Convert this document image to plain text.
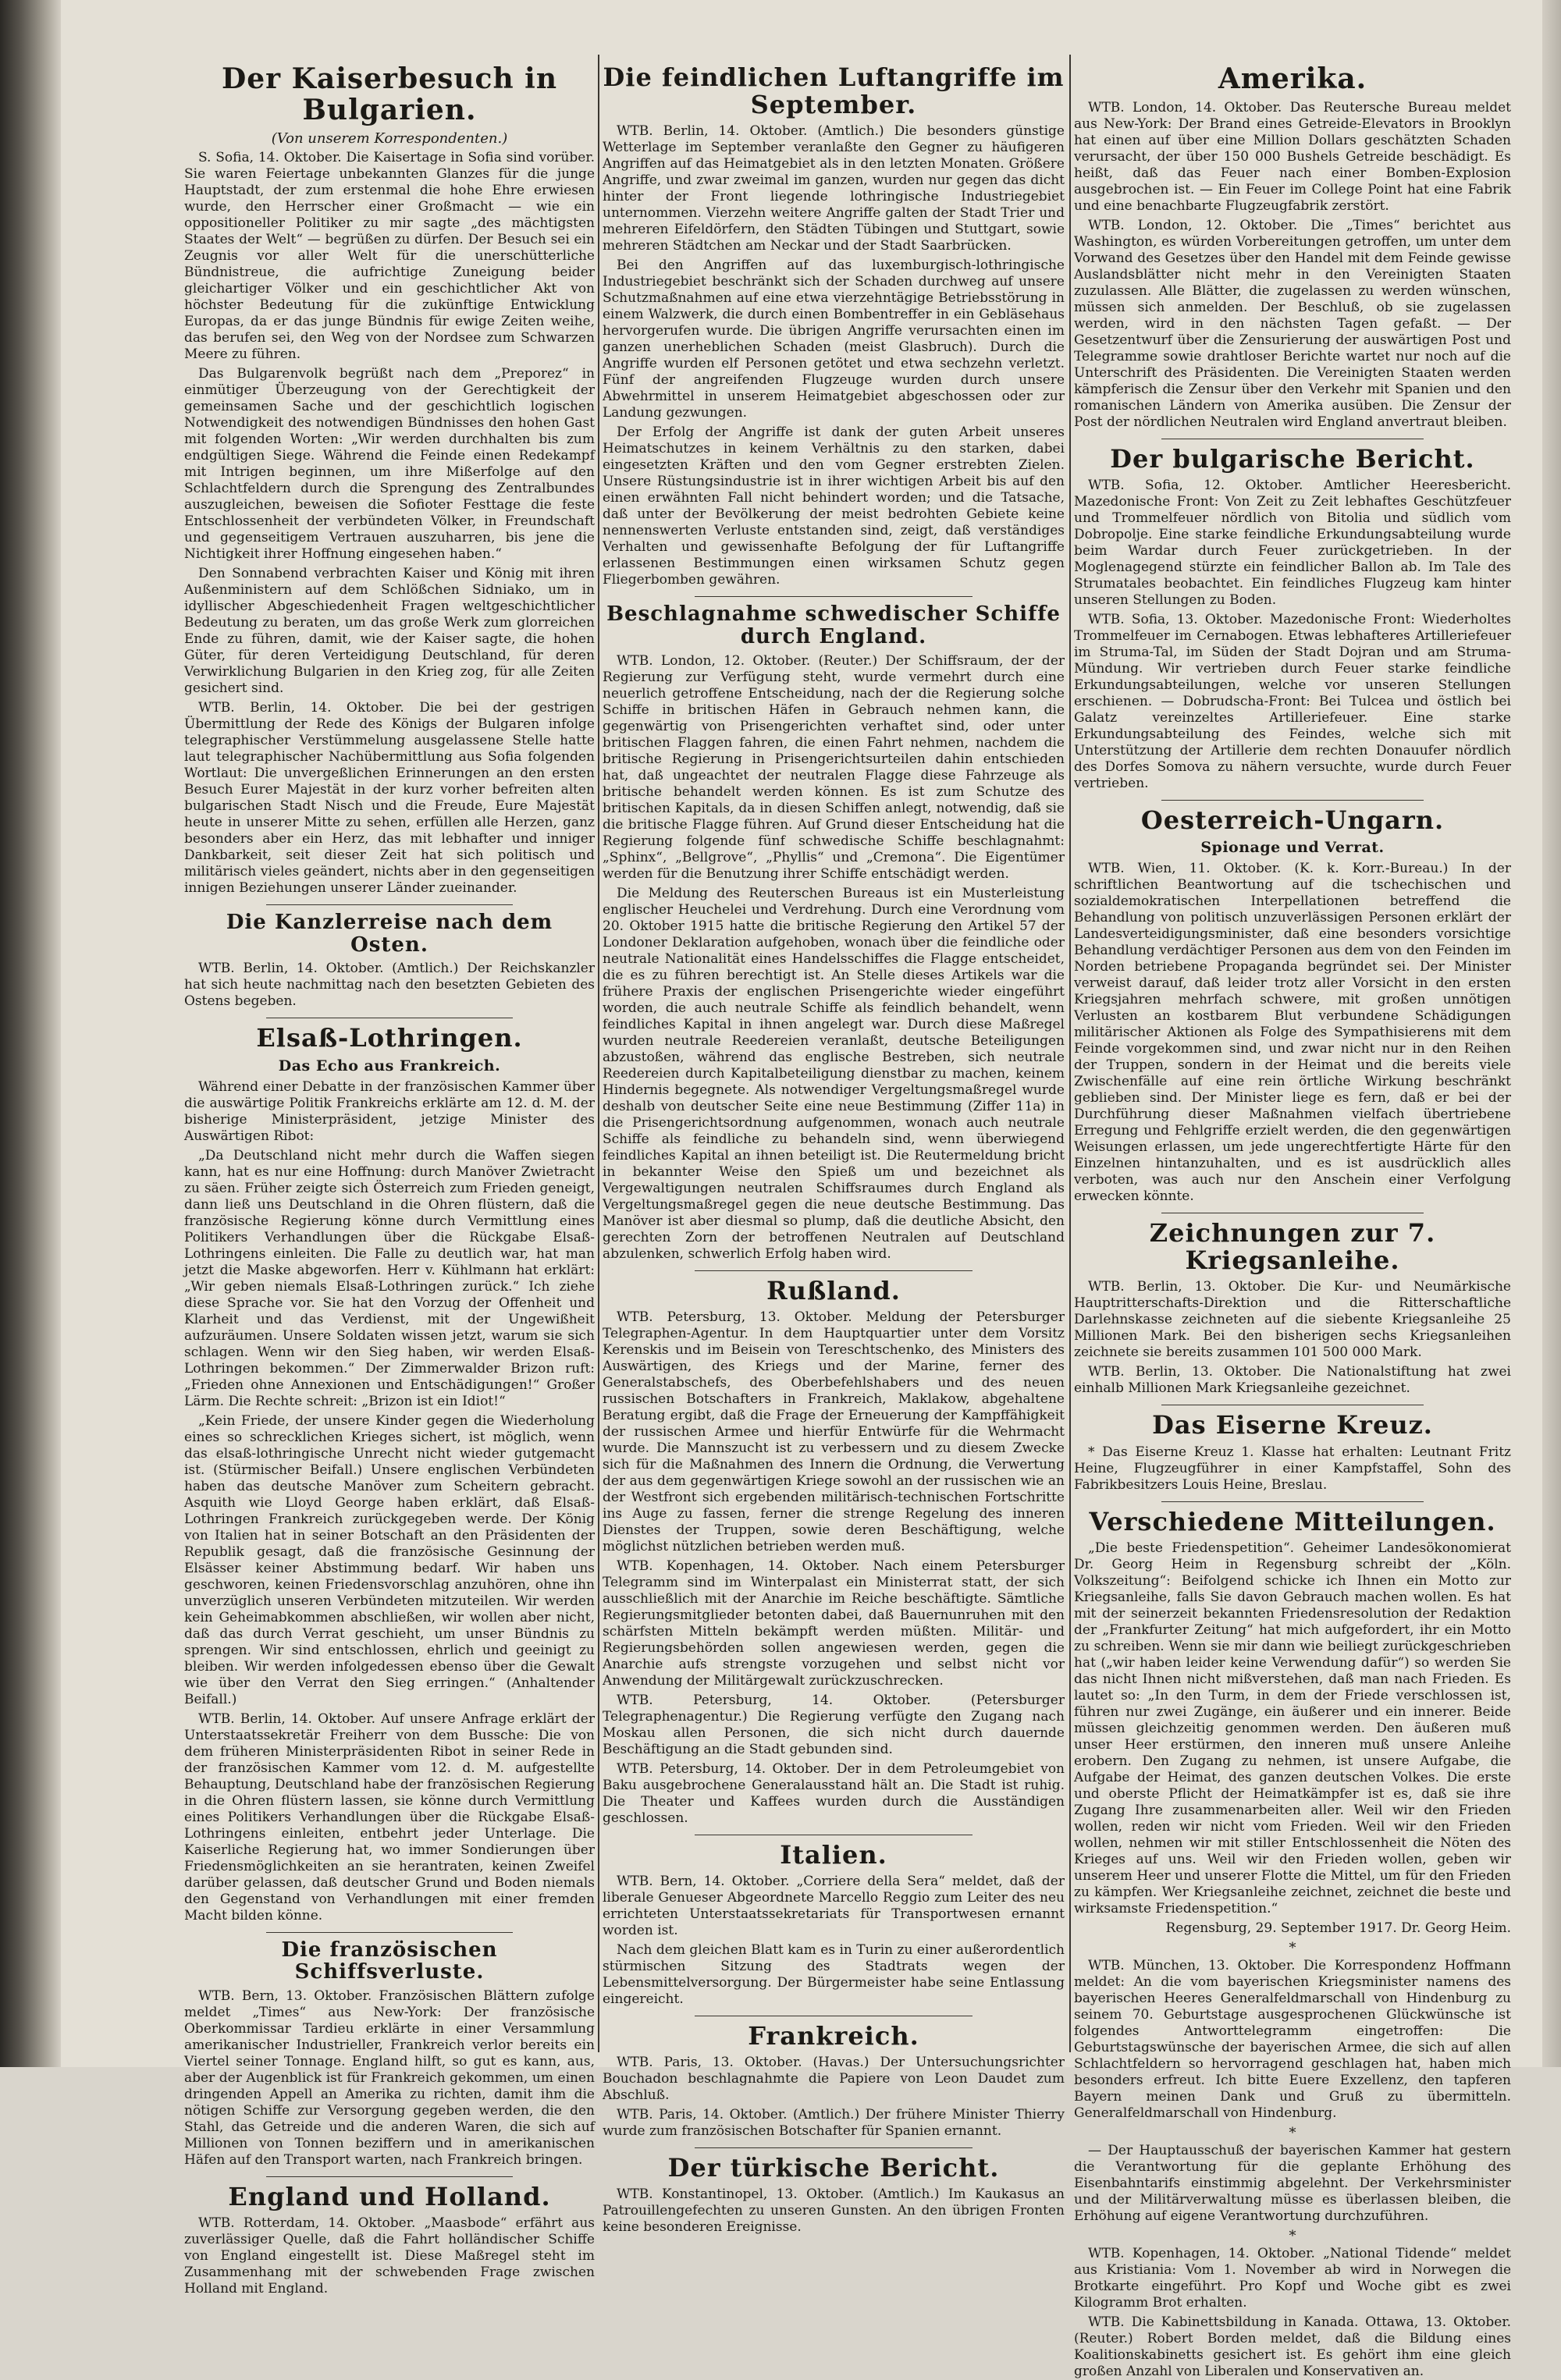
Der Kaiserbesuch in Bulgarien.
(Von unserem Korrespondenten.)

S. Sofia, 14. Oktober. Die Kaisertage in Sofia sind vorüber. Sie waren Feiertage unbekannten Glanzes für die junge Hauptstadt, der zum erstenmal die hohe Ehre erwiesen wurde, den Herrscher einer Großmacht — wie ein oppositioneller Politiker zu mir sagte „des mächtigsten Staates der Welt“ — begrüßen zu dürfen. Der Besuch sei ein Zeugnis vor aller Welt für die unerschütterliche Bündnistreue, die aufrichtige Zuneigung beider gleichartiger Völker und ein geschichtlicher Akt von höchster Bedeutung für die zukünftige Entwicklung Europas, da er das junge Bündnis für ewige Zeiten weihe, das berufen sei, den Weg von der Nordsee zum Schwarzen Meere zu führen.

Das Bulgarenvolk begrüßt nach dem „Preporez“ in einmütiger Überzeugung von der Gerechtigkeit der gemeinsamen Sache und der geschichtlich logischen Notwendigkeit des notwendigen Bündnisses den hohen Gast mit folgenden Worten: „Wir werden durchhalten bis zum endgültigen Siege. Während die Feinde einen Redekampf mit Intrigen beginnen, um ihre Mißerfolge auf den Schlachtfeldern durch die Sprengung des Zentralbundes auszugleichen, beweisen die Sofioter Festtage die feste Entschlossenheit der verbündeten Völker, in Freundschaft und gegenseitigem Vertrauen auszuharren, bis jene die Nichtigkeit ihrer Hoffnung eingesehen haben.“

Den Sonnabend verbrachten Kaiser und König mit ihren Außenministern auf dem Schlößchen Sidniako, um in idyllischer Abgeschiedenheit Fragen weltgeschichtlicher Bedeutung zu beraten, um das große Werk zum glorreichen Ende zu führen, damit, wie der Kaiser sagte, die hohen Güter, für deren Verteidigung Deutschland, für deren Verwirklichung Bulgarien in den Krieg zog, für alle Zeiten gesichert sind.

WTB. Berlin, 14. Oktober. Die bei der gestrigen Übermittlung der Rede des Königs der Bulgaren infolge telegraphischer Verstümmelung ausgelassene Stelle hatte laut telegraphischer Nachübermittlung aus Sofia folgenden Wortlaut: Die unvergeßlichen Erinnerungen an den ersten Besuch Eurer Majestät in der kurz vorher befreiten alten bulgarischen Stadt Nisch und die Freude, Eure Majestät heute in unserer Mitte zu sehen, erfüllen alle Herzen, ganz besonders aber ein Herz, das mit lebhafter und inniger Dankbarkeit, seit dieser Zeit hat sich politisch und militärisch vieles geändert, nichts aber in den gegenseitigen innigen Beziehungen unserer Länder zueinander.

Die Kanzlerreise nach dem Osten.

WTB. Berlin, 14. Oktober. (Amtlich.) Der Reichskanzler hat sich heute nachmittag nach den besetzten Gebieten des Ostens begeben.

Elsaß-Lothringen.
Das Echo aus Frankreich.

Während einer Debatte in der französischen Kammer über die auswärtige Politik Frankreichs erklärte am 12. d. M. der bisherige Ministerpräsident, jetzige Minister des Auswärtigen Ribot:

„Da Deutschland nicht mehr durch die Waffen siegen kann, hat es nur eine Hoffnung: durch Manöver Zwietracht zu säen. Früher zeigte sich Österreich zum Frieden geneigt, dann ließ uns Deutschland in die Ohren flüstern, daß die französische Regierung könne durch Vermittlung eines Politikers Verhandlungen über die Rückgabe Elsaß-Lothringens einleiten. Die Falle zu deutlich war, hat man jetzt die Maske abgeworfen. Herr v. Kühlmann hat erklärt: „Wir geben niemals Elsaß-Lothringen zurück.“ Ich ziehe diese Sprache vor. Sie hat den Vorzug der Offenheit und Klarheit und das Verdienst, mit der Ungewißheit aufzuräumen. Unsere Soldaten wissen jetzt, warum sie sich schlagen. Wenn wir den Sieg haben, wir werden Elsaß-Lothringen bekommen.“ Der Zimmerwalder Brizon ruft: „Frieden ohne Annexionen und Entschädigungen!“ Großer Lärm. Die Rechte schreit: „Brizon ist ein Idiot!“

„Kein Friede, der unsere Kinder gegen die Wiederholung eines so schrecklichen Krieges sichert, ist möglich, wenn das elsaß-lothringische Unrecht nicht wieder gutgemacht ist. (Stürmischer Beifall.) Unsere englischen Verbündeten haben das deutsche Manöver zum Scheitern gebracht. Asquith wie Lloyd George haben erklärt, daß Elsaß-Lothringen Frankreich zurückgegeben werde. Der König von Italien hat in seiner Botschaft an den Präsidenten der Republik gesagt, daß die französische Gesinnung der Elsässer keiner Abstimmung bedarf. Wir haben uns geschworen, keinen Friedensvorschlag anzuhören, ohne ihn unverzüglich unseren Verbündeten mitzuteilen. Wir werden kein Geheimabkommen abschließen, wir wollen aber nicht, daß das durch Verrat geschieht, um unser Bündnis zu sprengen. Wir sind entschlossen, ehrlich und geeinigt zu bleiben. Wir werden infolgedessen ebenso über die Gewalt wie über den Verrat den Sieg erringen.“ (Anhaltender Beifall.)

WTB. Berlin, 14. Oktober. Auf unsere Anfrage erklärt der Unterstaatssekretär Freiherr von dem Bussche: Die von dem früheren Ministerpräsidenten Ribot in seiner Rede in der französischen Kammer vom 12. d. M. aufgestellte Behauptung, Deutschland habe der französischen Regierung in die Ohren flüstern lassen, sie könne durch Vermittlung eines Politikers Verhandlungen über die Rückgabe Elsaß-Lothringens einleiten, entbehrt jeder Unterlage. Die Kaiserliche Regierung hat, wo immer Sondierungen über Friedensmöglichkeiten an sie herantraten, keinen Zweifel darüber gelassen, daß deutscher Grund und Boden niemals den Gegenstand von Verhandlungen mit einer fremden Macht bilden könne.

Die französischen Schiffsverluste.

WTB. Bern, 13. Oktober. Französischen Blättern zufolge meldet „Times“ aus New-York: Der französische Oberkommissar Tardieu erklärte in einer Versammlung amerikanischer Industrieller, Frankreich verlor bereits ein Viertel seiner Tonnage. England hilft, so gut es kann, aus, aber der Augenblick ist für Frankreich gekommen, um einen dringenden Appell an Amerika zu richten, damit ihm die nötigen Schiffe zur Versorgung gegeben werden, die den Stahl, das Getreide und die anderen Waren, die sich auf Millionen von Tonnen beziffern und in amerikanischen Häfen auf den Transport warten, nach Frankreich bringen.

England und Holland.

WTB. Rotterdam, 14. Oktober. „Maasbode“ erfährt aus zuverlässiger Quelle, daß die Fahrt holländischer Schiffe von England eingestellt ist. Diese Maßregel steht im Zusammenhang mit der schwebenden Frage zwischen Holland mit England.

Die feindlichen Luftangriffe im September.

WTB. Berlin, 14. Oktober. (Amtlich.) Die besonders günstige Wetterlage im September veranlaßte den Gegner zu häufigeren Angriffen auf das Heimatgebiet als in den letzten Monaten. Größere Angriffe, und zwar zweimal im ganzen, wurden nur gegen das dicht hinter der Front liegende lothringische Industriegebiet unternommen. Vierzehn weitere Angriffe galten der Stadt Trier und mehreren Eifeldörfern, den Städten Tübingen und Stuttgart, sowie mehreren Städtchen am Neckar und der Stadt Saarbrücken.

Bei den Angriffen auf das luxemburgisch-lothringische Industriegebiet beschränkt sich der Schaden durchweg auf unsere Schutzmaßnahmen auf eine etwa vierzehntägige Betriebsstörung in einem Walzwerk, die durch einen Bombentreffer in ein Gebläsehaus hervorgerufen wurde. Die übrigen Angriffe verursachten einen im ganzen unerheblichen Schaden (meist Glasbruch). Durch die Angriffe wurden elf Personen getötet und etwa sechzehn verletzt. Fünf der angreifenden Flugzeuge wurden durch unsere Abwehrmittel in unserem Heimatgebiet abgeschossen oder zur Landung gezwungen.

Der Erfolg der Angriffe ist dank der guten Arbeit unseres Heimatschutzes in keinem Verhältnis zu den starken, dabei eingesetzten Kräften und den vom Gegner erstrebten Zielen. Unsere Rüstungsindustrie ist in ihrer wichtigen Arbeit bis auf den einen erwähnten Fall nicht behindert worden; und die Tatsache, daß unter der Bevölkerung der meist bedrohten Gebiete keine nennenswerten Verluste entstanden sind, zeigt, daß verständiges Verhalten und gewissenhafte Befolgung der für Luftangriffe erlassenen Bestimmungen einen wirksamen Schutz gegen Fliegerbomben gewähren.

Beschlagnahme schwedischer Schiffe durch England.

WTB. London, 12. Oktober. (Reuter.) Der Schiffsraum, der der Regierung zur Verfügung steht, wurde vermehrt durch eine neuerlich getroffene Entscheidung, nach der die Regierung solche Schiffe in britischen Häfen in Gebrauch nehmen kann, die gegenwärtig von Prisengerichten verhaftet sind, oder unter britischen Flaggen fahren, die einen Fahrt nehmen, nachdem die britische Regierung in Prisengerichtsurteilen dahin entschieden hat, daß ungeachtet der neutralen Flagge diese Fahrzeuge als britische behandelt werden können. Es ist zum Schutze des britischen Kapitals, da in diesen Schiffen anlegt, notwendig, daß sie die britische Flagge führen. Auf Grund dieser Entscheidung hat die Regierung folgende fünf schwedische Schiffe beschlagnahmt: „Sphinx“, „Bellgrove“, „Phyllis“ und „Cremona“. Die Eigentümer werden für die Benutzung ihrer Schiffe entschädigt werden.

Die Meldung des Reuterschen Bureaus ist ein Musterleistung englischer Heuchelei und Verdrehung. Durch eine Verordnung vom 20. Oktober 1915 hatte die britische Regierung den Artikel 57 der Londoner Deklaration aufgehoben, wonach über die feindliche oder neutrale Nationalität eines Handelsschiffes die Flagge entscheidet, die es zu führen berechtigt ist. An Stelle dieses Artikels war die frühere Praxis der englischen Prisengerichte wieder eingeführt worden, die auch neutrale Schiffe als feindlich behandelt, wenn feindliches Kapital in ihnen angelegt war. Durch diese Maßregel wurden neutrale Reedereien veranlaßt, deutsche Beteiligungen abzustoßen, während das englische Bestreben, sich neutrale Reedereien durch Kapitalbeteiligung dienstbar zu machen, keinem Hindernis begegnete. Als notwendiger Vergeltungsmaßregel wurde deshalb von deutscher Seite eine neue Bestimmung (Ziffer 11a) in die Prisengerichtsordnung aufgenommen, wonach auch neutrale Schiffe als feindliche zu behandeln sind, wenn überwiegend feindliches Kapital an ihnen beteiligt ist. Die Reutermeldung bricht in bekannter Weise den Spieß um und bezeichnet als Vergewaltigungen neutralen Schiffsraumes durch England als Vergeltungsmaßregel gegen die neue deutsche Bestimmung. Das Manöver ist aber diesmal so plump, daß die deutliche Absicht, den gerechten Zorn der betroffenen Neutralen auf Deutschland abzulenken, schwerlich Erfolg haben wird.

Rußland.

WTB. Petersburg, 13. Oktober. Meldung der Petersburger Telegraphen-Agentur. In dem Hauptquartier unter dem Vorsitz Kerenskis und im Beisein von Tereschtschenko, des Ministers des Auswärtigen, des Kriegs und der Marine, ferner des Generalstabschefs, des Oberbefehlshabers und des neuen russischen Botschafters in Frankreich, Maklakow, abgehaltene Beratung ergibt, daß die Frage der Erneuerung der Kampffähigkeit der russischen Armee und hierfür Entwürfe für die Wehrmacht wurde. Die Mannszucht ist zu verbessern und zu diesem Zwecke sich für die Maßnahmen des Innern die Ordnung, die Verwertung der aus dem gegenwärtigen Kriege sowohl an der russischen wie an der Westfront sich ergebenden militärisch-technischen Fortschritte ins Auge zu fassen, ferner die strenge Regelung des inneren Dienstes der Truppen, sowie deren Beschäftigung, welche möglichst nützlichen betrieben werden muß.

WTB. Kopenhagen, 14. Oktober. Nach einem Petersburger Telegramm sind im Winterpalast ein Ministerrat statt, der sich ausschließlich mit der Anarchie im Reiche beschäftigte. Sämtliche Regierungsmitglieder betonten dabei, daß Bauernunruhen mit den schärfsten Mitteln bekämpft werden müßten. Militär- und Regierungsbehörden sollen angewiesen werden, gegen die Anarchie aufs strengste vorzugehen und selbst nicht vor Anwendung der Militärgewalt zurückzuschrecken.

WTB. Petersburg, 14. Oktober. (Petersburger Telegraphenagentur.) Die Regierung verfügte den Zugang nach Moskau allen Personen, die sich nicht durch dauernde Beschäftigung an die Stadt gebunden sind.

WTB. Petersburg, 14. Oktober. Der in dem Petroleumgebiet von Baku ausgebrochene Generalausstand hält an. Die Stadt ist ruhig. Die Theater und Kaffees wurden durch die Ausständigen geschlossen.

Italien.

WTB. Bern, 14. Oktober. „Corriere della Sera“ meldet, daß der liberale Genueser Abgeordnete Marcello Reggio zum Leiter des neu errichteten Unterstaatssekretariats für Transportwesen ernannt worden ist.

Nach dem gleichen Blatt kam es in Turin zu einer außerordentlich stürmischen Sitzung des Stadtrats wegen der Lebensmittelversorgung. Der Bürgermeister habe seine Entlassung eingereicht.

Frankreich.

WTB. Paris, 13. Oktober. (Havas.) Der Untersuchungsrichter Bouchadon beschlagnahmte die Papiere von Leon Daudet zum Abschluß.

WTB. Paris, 14. Oktober. (Amtlich.) Der frühere Minister Thierry wurde zum französischen Botschafter für Spanien ernannt.

Der türkische Bericht.

WTB. Konstantinopel, 13. Oktober. (Amtlich.) Im Kaukasus an Patrouillengefechten zu unseren Gunsten. An den übrigen Fronten keine besonderen Ereignisse.

Amerika.

WTB. London, 14. Oktober. Das Reutersche Bureau meldet aus New-York: Der Brand eines Getreide-Elevators in Brooklyn hat einen auf über eine Million Dollars geschätzten Schaden verursacht, der über 150 000 Bushels Getreide beschädigt. Es heißt, daß das Feuer nach einer Bomben-Explosion ausgebrochen ist. — Ein Feuer im College Point hat eine Fabrik und eine benachbarte Flugzeugfabrik zerstört.

WTB. London, 12. Oktober. Die „Times“ berichtet aus Washington, es würden Vorbereitungen getroffen, um unter dem Vorwand des Gesetzes über den Handel mit dem Feinde gewisse Auslandsblätter nicht mehr in den Vereinigten Staaten zuzulassen. Alle Blätter, die zugelassen zu werden wünschen, müssen sich anmelden. Der Beschluß, ob sie zugelassen werden, wird in den nächsten Tagen gefaßt. — Der Gesetzentwurf über die Zensurierung der auswärtigen Post und Telegramme sowie drahtloser Berichte wartet nur noch auf die Unterschrift des Präsidenten. Die Vereinigten Staaten werden kämpferisch die Zensur über den Verkehr mit Spanien und den romanischen Ländern von Amerika ausüben. Die Zensur der Post der nördlichen Neutralen wird England anvertraut bleiben.

Der bulgarische Bericht.

WTB. Sofia, 12. Oktober. Amtlicher Heeresbericht. Mazedonische Front: Von Zeit zu Zeit lebhaftes Geschützfeuer und Trommelfeuer nördlich von Bitolia und südlich vom Dobropolje. Eine starke feindliche Erkundungsabteilung wurde beim Wardar durch Feuer zurückgetrieben. In der Moglenagegend stürzte ein feindlicher Ballon ab. Im Tale des Strumatales beobachtet. Ein feindliches Flugzeug kam hinter unseren Stellungen zu Boden.

WTB. Sofia, 13. Oktober. Mazedonische Front: Wiederholtes Trommelfeuer im Cernabogen. Etwas lebhafteres Artilleriefeuer im Struma-Tal, im Süden der Stadt Dojran und am Struma-Mündung. Wir vertrieben durch Feuer starke feindliche Erkundungsabteilungen, welche vor unseren Stellungen erschienen. — Dobrudscha-Front: Bei Tulcea und östlich bei Galatz vereinzeltes Artilleriefeuer. Eine starke Erkundungsabteilung des Feindes, welche sich mit Unterstützung der Artillerie dem rechten Donauufer nördlich des Dorfes Somova zu nähern versuchte, wurde durch Feuer vertrieben.

Oesterreich-Ungarn.
Spionage und Verrat.

WTB. Wien, 11. Oktober. (K. k. Korr.-Bureau.) In der schriftlichen Beantwortung auf die tschechischen und sozialdemokratischen Interpellationen betreffend die Behandlung von politisch unzuverlässigen Personen erklärt der Landesverteidigungsminister, daß eine besonders vorsichtige Behandlung verdächtiger Personen aus dem von den Feinden im Norden betriebene Propaganda begründet sei. Der Minister verweist darauf, daß leider trotz aller Vorsicht in den ersten Kriegsjahren mehrfach schwere, mit großen unnötigen Verlusten an kostbarem Blut verbundene Schädigungen militärischer Aktionen als Folge des Sympathisierens mit dem Feinde vorgekommen sind, und zwar nicht nur in den Reihen der Truppen, sondern in der Heimat und die bereits viele Zwischenfälle auf eine rein örtliche Wirkung beschränkt geblieben sind. Der Minister liege es fern, daß er bei der Durchführung dieser Maßnahmen vielfach übertriebene Erregung und Fehlgriffe erzielt werden, die den gegenwärtigen Weisungen erlassen, um jede ungerechtfertigte Härte für den Einzelnen hintanzuhalten, und es ist ausdrücklich alles verboten, was auch nur den Anschein einer Verfolgung erwecken könnte.

Zeichnungen zur 7. Kriegsanleihe.

WTB. Berlin, 13. Oktober. Die Kur- und Neumärkische Hauptritterschafts-Direktion und die Ritterschaftliche Darlehnskasse zeichneten auf die siebente Kriegsanleihe 25 Millionen Mark. Bei den bisherigen sechs Kriegsanleihen zeichnete sie bereits zusammen 101 500 000 Mark.

WTB. Berlin, 13. Oktober. Die Nationalstiftung hat zwei einhalb Millionen Mark Kriegsanleihe gezeichnet.

Das Eiserne Kreuz.

* Das Eiserne Kreuz 1. Klasse hat erhalten: Leutnant Fritz Heine, Flugzeugführer in einer Kampfstaffel, Sohn des Fabrikbesitzers Louis Heine, Breslau.

Verschiedene Mitteilungen.

„Die beste Friedenspetition“. Geheimer Landesökonomierat Dr. Georg Heim in Regensburg schreibt der „Köln. Volkszeitung“: Beifolgend schicke ich Ihnen ein Motto zur Kriegsanleihe, falls Sie davon Gebrauch machen wollen. Es hat mit der seinerzeit bekannten Friedensresolution der Redaktion der „Frankfurter Zeitung“ hat mich aufgefordert, ihr ein Motto zu schreiben. Wenn sie mir dann wie beiliegt zurückgeschrieben hat („wir haben leider keine Verwendung dafür“) so werden Sie das nicht Ihnen nicht mißverstehen, daß man nach Frieden. Es lautet so: „In den Turm, in dem der Friede verschlossen ist, führen nur zwei Zugänge, ein äußerer und ein innerer. Beide müssen gleichzeitig genommen werden. Den äußeren muß unser Heer erstürmen, den inneren muß unsere Anleihe erobern. Den Zugang zu nehmen, ist unsere Aufgabe, die Aufgabe der Heimat, des ganzen deutschen Volkes. Die erste und oberste Pflicht der Heimatkämpfer ist es, daß sie ihre Zugang Ihre zusammenarbeiten aller. Weil wir den Frieden wollen, reden wir nicht vom Frieden. Weil wir den Frieden wollen, nehmen wir mit stiller Entschlossenheit die Nöten des Krieges auf uns. Weil wir den Frieden wollen, geben wir unserem Heer und unserer Flotte die Mittel, um für den Frieden zu kämpfen. Wer Kriegsanleihe zeichnet, zeichnet die beste und wirksamste Friedenspetition.“

Regensburg, 29. September 1917. Dr. Georg Heim.

*

WTB. München, 13. Oktober. Die Korrespondenz Hoffmann meldet: An die vom bayerischen Kriegsminister namens des bayerischen Heeres Generalfeldmarschall von Hindenburg zu seinem 70. Geburtstage ausgesprochenen Glückwünsche ist folgendes Antworttelegramm eingetroffen: Die Geburtstagswünsche der bayerischen Armee, die sich auf allen Schlachtfeldern so hervorragend geschlagen hat, haben mich besonders erfreut. Ich bitte Euere Exzellenz, den tapferen Bayern meinen Dank und Gruß zu übermitteln. Generalfeldmarschall von Hindenburg.

*

— Der Hauptausschuß der bayerischen Kammer hat gestern die Verantwortung für die geplante Erhöhung des Eisenbahntarifs einstimmig abgelehnt. Der Verkehrsminister und der Militärverwaltung müsse es überlassen bleiben, die Erhöhung auf eigene Verantwortung durchzuführen.

*

WTB. Kopenhagen, 14. Oktober. „National Tidende“ meldet aus Kristiania: Vom 1. November ab wird in Norwegen die Brotkarte eingeführt. Pro Kopf und Woche gibt es zwei Kilogramm Brot erhalten.

WTB. Die Kabinettsbildung in Kanada. Ottawa, 13. Oktober. (Reuter.) Robert Borden meldet, daß die Bildung eines Koalitionskabinetts gesichert ist. Es gehört ihm eine gleich großen Anzahl von Liberalen und Konservativen an.
